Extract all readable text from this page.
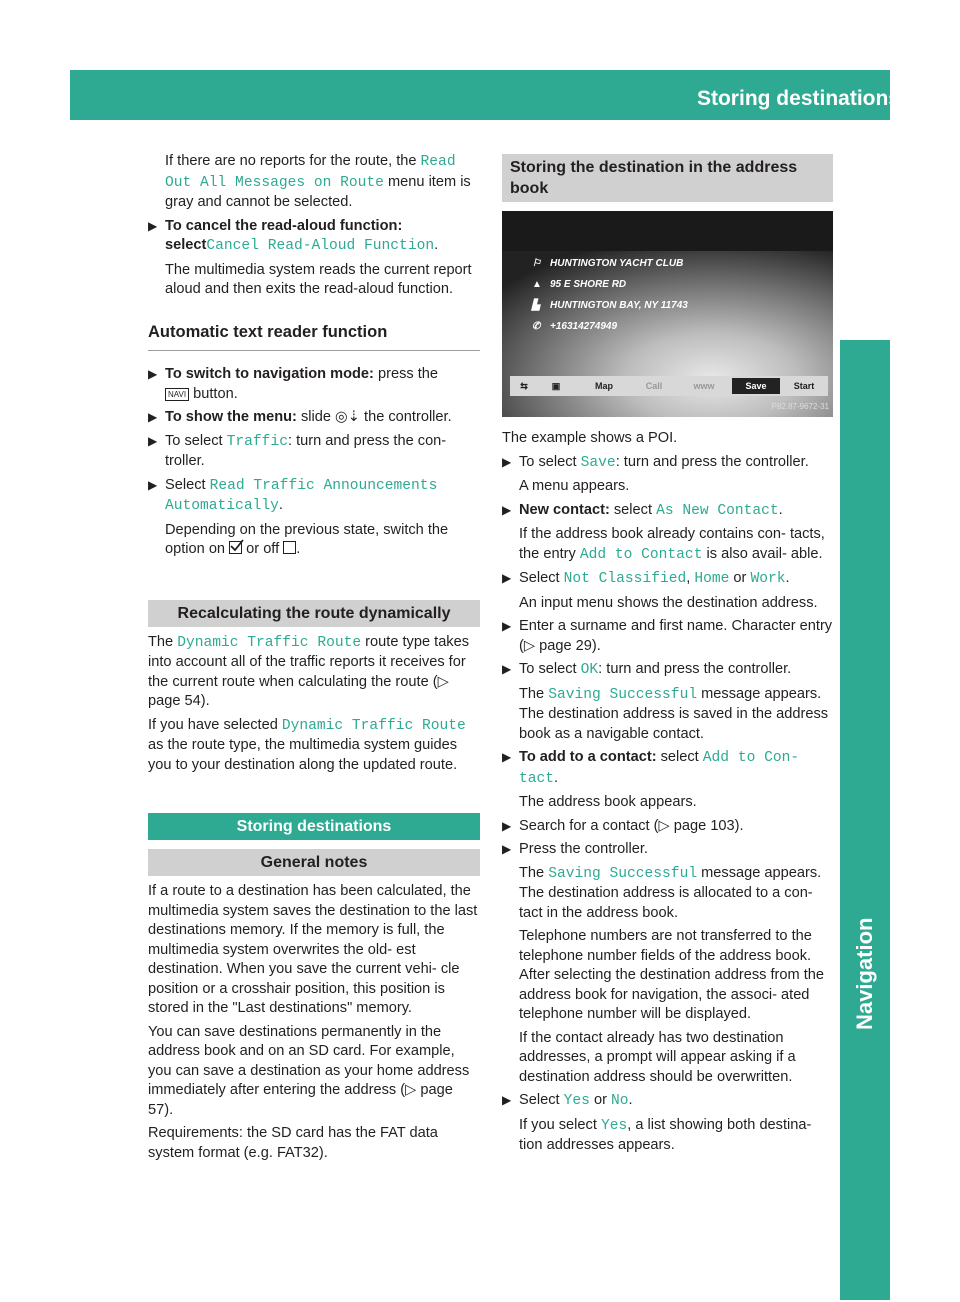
Storing destinations	79
Navigation

If there are no reports for the route, the Read Out All Messages on Route menu item is gray and cannot be selected.

▶ To cancel the read-aloud function: selectCancel Read-Aloud Function.

The multimedia system reads the current report aloud and then exits the read-aloud function.

Automatic text reader function
▶ To switch to navigation mode: press the
NAVI button.
▶ To show the menu: slide ◎⇣ the controller.
▶ To select Traffic: turn and press the con- troller.
▶ Select Read Traffic Announcements Automatically.

Depending on the previous state, switch the option on
or off .

Recalculating the route dynamically

The Dynamic Traffic Route route type takes into account all of the traffic reports it receives for the current route when calculating the route (▷ page 54).

If you have selected Dynamic Traffic Route as the route type, the multimedia system guides you to your destination along the updated route.

Storing destinations
General notes

If a route to a destination has been calculated, the multimedia system saves the destination to the last destinations memory. If the memory is full, the multimedia system overwrites the old- est destination. When you save the current vehi- cle position or a crosshair position, this position is stored in the "Last destinations" memory.

You can save destinations permanently in the address book and on an SD card. For example, you can save a destination as your home address immediately after entering the address (▷ page 57).

Requirements: the SD card has the FAT data system format (e.g. FAT32).

Storing the destination in the address book
⚐ HUNTINGTON YACHT CLUB
▲ 95 E SHORE RD
▙ HUNTINGTON BAY, NY 11743
✆ +16314274949
⇆	▣	Map	Call	www	Save	Start
P82.87-9672-31

The example shows a POI.

▶ To select Save: turn and press the controller.

A menu appears.

▶ New contact: select As New Contact.

If the address book already contains con- tacts, the entry Add to Contact is also avail- able.

▶ Select Not Classified, Home or Work.

An input menu shows the destination address.

▶ Enter a surname and first name. Character entry (▷ page 29).
▶ To select OK: turn and press the controller.

The Saving Successful message appears.
The destination address is saved in the address book as a navigable contact.

▶ To add to a contact: select Add to Con‐ tact.

The address book appears.

▶ Search for a contact (▷ page 103).
▶ Press the controller.

The Saving Successful message appears.
The destination address is allocated to a con- tact in the address book.

Telephone numbers are not transferred to the telephone number fields of the address book. After selecting the destination address from the address book for navigation, the associ- ated telephone number will be displayed.

If the contact already has two destination addresses, a prompt will appear asking if a destination address should be overwritten.

▶ Select Yes or No.

If you select Yes, a list showing both destina- tion addresses appears.
